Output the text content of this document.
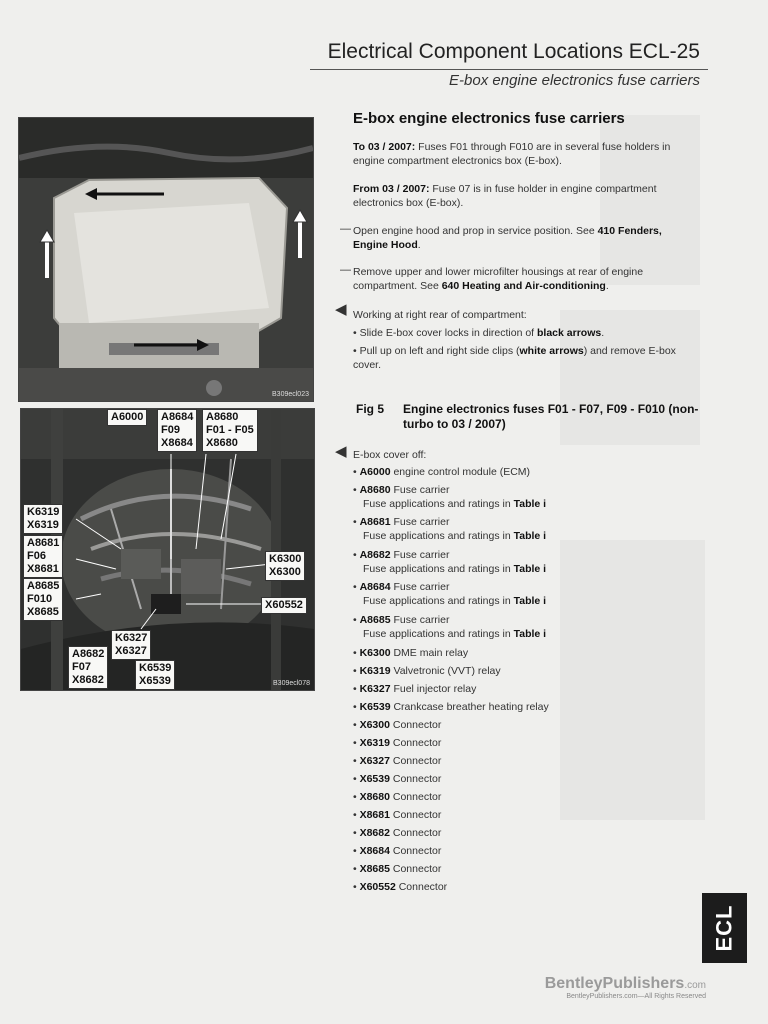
Electrical Component Locations ECL-25
E-box engine electronics fuse carriers
B309ecl023
A6000	A8684
F09
X8684
A8680
F01 - F05
X8680
K6319
X6319
A8681
F06
X8681
A8685
F010
X8685
K6300
X6300
X60552
K6327
X6327
A8682
F07
X8682
K6539
X6539	B309ecl078
E-box engine electronics fuse carriers
To 03 / 2007: Fuses F01 through F010 are in several fuse holders in engine compartment electronics box (E-box).
From 03 / 2007: Fuse 07 is in fuse holder in engine compartment electronics box (E-box).
— Open engine hood and prop in service position. See 410 Fenders, Engine Hood.
— Remove upper and lower microfilter housings at rear of engine compartment. See 640 Heating and Air-conditioning.
◀ Working at right rear of compartment:
• Slide E-box cover locks in direction of black arrows.
• Pull up on left and right side clips (white arrows) and remove E-box cover.
Fig 5 Engine electronics fuses F01 - F07, F09 - F010 (non-turbo to 03 / 2007)
◀ E-box cover off:
• A6000 engine control module (ECM)
• A8680 Fuse carrier
Fuse applications and ratings in Table i
• A8681 Fuse carrier
Fuse applications and ratings in Table i
• A8682 Fuse carrier
Fuse applications and ratings in Table i
• A8684 Fuse carrier
Fuse applications and ratings in Table i
• A8685 Fuse carrier
Fuse applications and ratings in Table i
• K6300 DME main relay
• K6319 Valvetronic (VVT) relay
• K6327 Fuel injector relay
• K6539 Crankcase breather heating relay
• X6300 Connector
• X6319 Connector
• X6327 Connector
• X6539 Connector
• X8680 Connector
• X8681 Connector
• X8682 Connector
• X8684 Connector
• X8685 Connector
• X60552 Connector
ECL
BentleyPublishers.com
BentleyPublishers.com—All Rights Reserved
